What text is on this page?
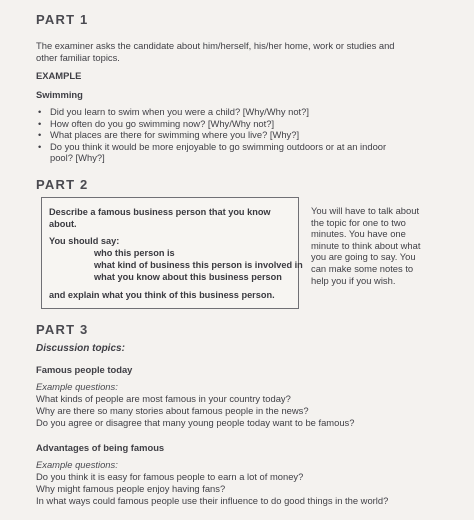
PART 1
The examiner asks the candidate about him/herself, his/her home, work or studies and
other familiar topics.
EXAMPLE
Swimming
• Did you learn to swim when you were a child? [Why/Why not?]
• How often do you go swimming now? [Why/Why not?]
• What places are there for swimming where you live? [Why?]
• Do you think it would be more enjoyable to go swimming outdoors or at an indoor
pool? [Why?]
PART 2
Describe a famous business person that you know
about.
You should say:
who this person is
what kind of business this person is involved in
what you know about this business person
and explain what you think of this business person.
You will have to talk about the topic for one to two minutes. You have one minute to think about what you are going to say. You can make some notes to help you if you wish.
PART 3
Discussion topics:
Famous people today
Example questions:
What kinds of people are most famous in your country today?
Why are there so many stories about famous people in the news?
Do you agree or disagree that many young people today want to be famous?
Advantages of being famous
Example questions:
Do you think it is easy for famous people to earn a lot of money?
Why might famous people enjoy having fans?
In what ways could famous people use their influence to do good things in the world?
